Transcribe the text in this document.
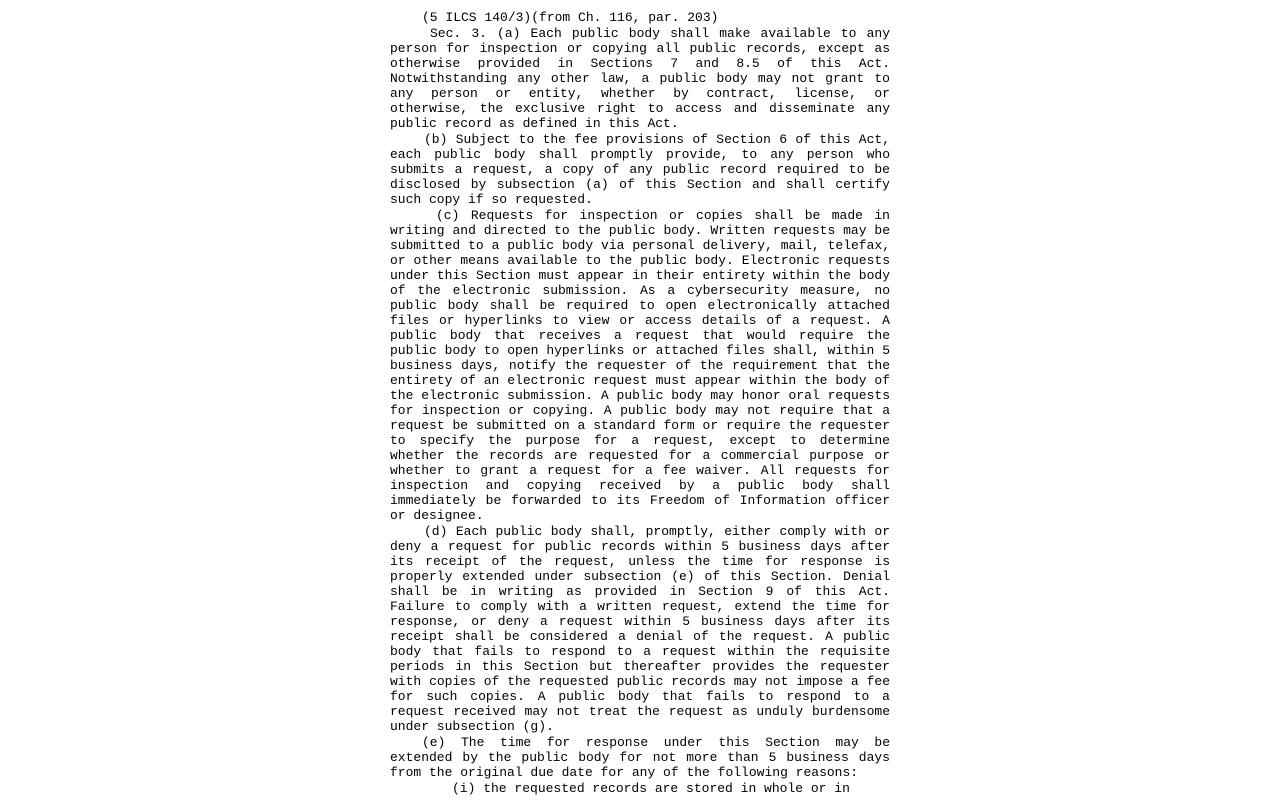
(5 ILCS 140/3)(from Ch. 116, par. 203)

Sec. 3. (a) Each public body shall make available to any person for inspection or copying all public records, except as otherwise provided in Sections 7 and 8.5 of this Act. Notwithstanding any other law, a public body may not grant to any person or entity, whether by contract, license, or otherwise, the exclusive right to access and disseminate any public record as defined in this Act.

(b) Subject to the fee provisions of Section 6 of this Act, each public body shall promptly provide, to any person who submits a request, a copy of any public record required to be disclosed by subsection (a) of this Section and shall certify such copy if so requested.

(c) Requests for inspection or copies shall be made in writing and directed to the public body. Written requests may be submitted to a public body via personal delivery, mail, telefax, or other means available to the public body. Electronic requests under this Section must appear in their entirety within the body of the electronic submission. As a cybersecurity measure, no public body shall be required to open electronically attached files or hyperlinks to view or access details of a request. A public body that receives a request that would require the public body to open hyperlinks or attached files shall, within 5 business days, notify the requester of the requirement that the entirety of an electronic request must appear within the body of the electronic submission. A public body may honor oral requests for inspection or copying. A public body may not require that a request be submitted on a standard form or require the requester to specify the purpose for a request, except to determine whether the records are requested for a commercial purpose or whether to grant a request for a fee waiver. All requests for inspection and copying received by a public body shall immediately be forwarded to its Freedom of Information officer or designee.

(d) Each public body shall, promptly, either comply with or deny a request for public records within 5 business days after its receipt of the request, unless the time for response is properly extended under subsection (e) of this Section. Denial shall be in writing as provided in Section 9 of this Act. Failure to comply with a written request, extend the time for response, or deny a request within 5 business days after its receipt shall be considered a denial of the request. A public body that fails to respond to a request within the requisite periods in this Section but thereafter provides the requester with copies of the requested public records may not impose a fee for such copies. A public body that fails to respond to a request received may not treat the request as unduly burdensome under subsection (g).

(e) The time for response under this Section may be extended by the public body for not more than 5 business days from the original due date for any of the following reasons:

(i) the requested records are stored in whole or in
